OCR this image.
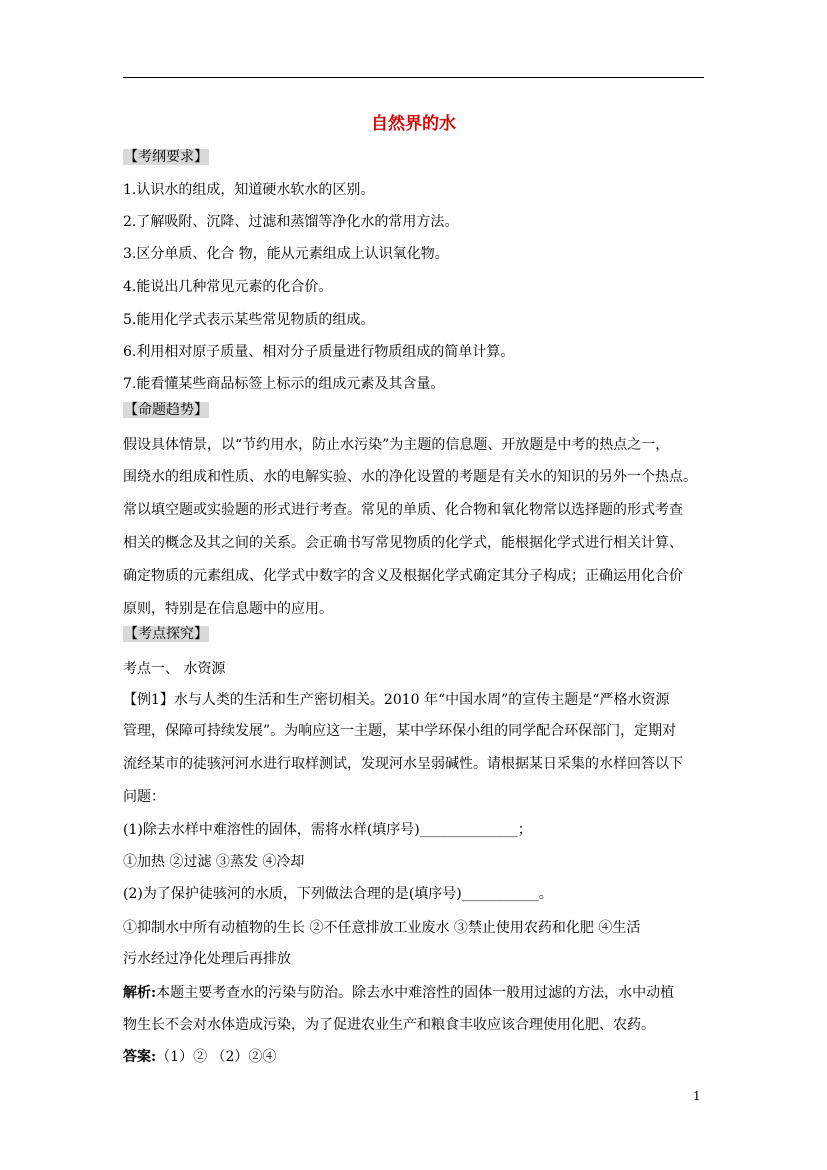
自然界的水
【考纲要求】
1.认识水的组成，知道硬水软水的区别。
2.了解吸附、沉降、过滤和蒸馏等净化水的常用方法。
3.区分单质、化合 物，能从元素组成上认识氧化物。
4.能说出几种常见元素的化合价。
5.能用化学式表示某些常见物质的组成。
6.利用相对原子质量、相对分子质量进行物质组成的简单计算。
7.能看懂某些商品标签上标示的组成元素及其含量。
【命题趋势】
假设具体情景，以“节约用水，防止水污染”为主题的信息题、开放题是中考的热点之一，
围绕水的组成和性质、水的电解实验、水的净化设置的考题是有关水的知识的另外一个热点。
常以填空题或实验题的形式进行考查。常见的单质、化合物和氧化物常以选择题的形式考查
相关的概念及其之间的关系。会正确书写常见物质的化学式，能根据化学式进行相关计算、
确定物质的元素组成、化学式中数字的含义及根据化学式确定其分子构成；正确运用化合价
原则，特别是在信息题中的应用。
【考点探究】
考点一、 水资源
【例1】水与人类的生活和生产密切相关。2010 年“中国水周”的宣传主题是“严格水资源
管理，保障可持续发展”。为响应这一主题，某中学环保小组的同学配合环保部门，定期对
流经某市的徒骇河河水进行取样测试，发现河水呈弱碱性。请根据某日采集的水样回答以下
问题：
(1)除去水样中难溶性的固体，需将水样(填序号)______________；
①加热 ②过滤 ③蒸发 ④冷却
(2)为了保护徒骇河的水质，下列做法合理的是(填序号)___________。
①抑制水中所有动植物的生长 ②不任意排放工业废水 ③禁止使用农药和化肥 ④生活
污水经过净化处理后再排放
解析:本题主要考查水的污染与防治。除去水中难溶性的固体一般用过滤的方法，水中动植
物生长不会对水体造成污染，为了促进农业生产和粮食丰收应该合理使用化肥、农药。
答案:（1）② （2）②④
1
